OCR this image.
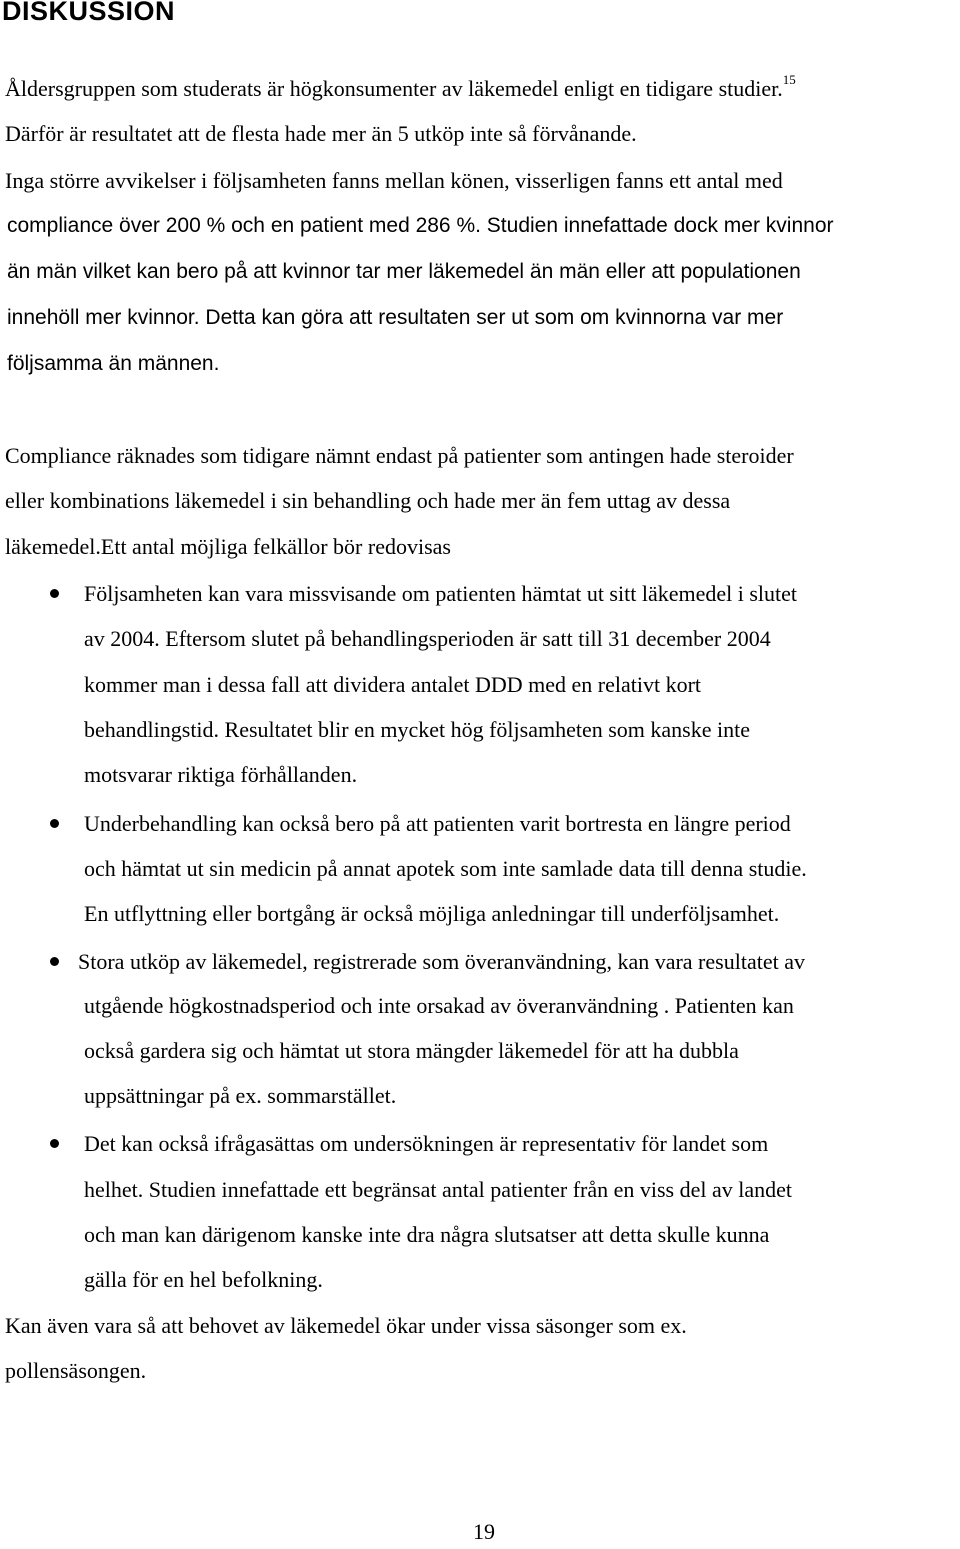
DISKUSSION
Åldersgruppen som studerats är högkonsumenter av läkemedel enligt en tidigare studier.$^{15}$
Därför är resultatet att de flesta hade mer än 5 utköp inte så förvånande.
Inga större avvikelser i följsamheten fanns mellan könen, visserligen fanns ett antal med
compliance över 200 % och en patient med 286 %. Studien innefattade dock mer kvinnor
än män vilket kan bero på att kvinnor tar mer läkemedel än män eller att populationen
innehöll mer kvinnor. Detta kan göra att resultaten ser ut som om kvinnorna var mer
följsamma än männen.
Compliance räknades som tidigare nämnt endast på patienter som antingen hade steroider
eller kombinations läkemedel i sin behandling och hade mer än fem uttag av dessa
läkemedel.Ett antal möjliga felkällor bör redovisas
Följsamheten kan vara missvisande om patienten hämtat ut sitt läkemedel i slutet
av 2004. Eftersom slutet på behandlingsperioden är satt till 31 december 2004
kommer man i dessa fall att dividera antalet DDD med en relativt kort
behandlingstid. Resultatet blir en mycket hög följsamheten som kanske inte
motsvarar riktiga förhållanden.
Underbehandling kan också bero på att patienten varit bortresta en längre period
och hämtat ut sin medicin på annat apotek som inte samlade data till denna studie.
En utflyttning eller bortgång är också möjliga anledningar till underföljsamhet.
Stora utköp av läkemedel, registrerade som överanvändning, kan vara resultatet av
utgående högkostnadsperiod och inte orsakad av överanvändning . Patienten kan
också gardera sig och hämtat ut stora mängder läkemedel för att ha dubbla
uppsättningar på ex. sommarstället.
Det kan också ifrågasättas om undersökningen är representativ för landet som
helhet. Studien innefattade ett begränsat antal patienter från en viss del av landet
och man kan därigenom kanske inte dra några slutsatser att detta skulle kunna
gälla för en hel befolkning.
Kan även vara så att behovet av läkemedel ökar under vissa säsonger som ex.
pollensäsongen.
19
